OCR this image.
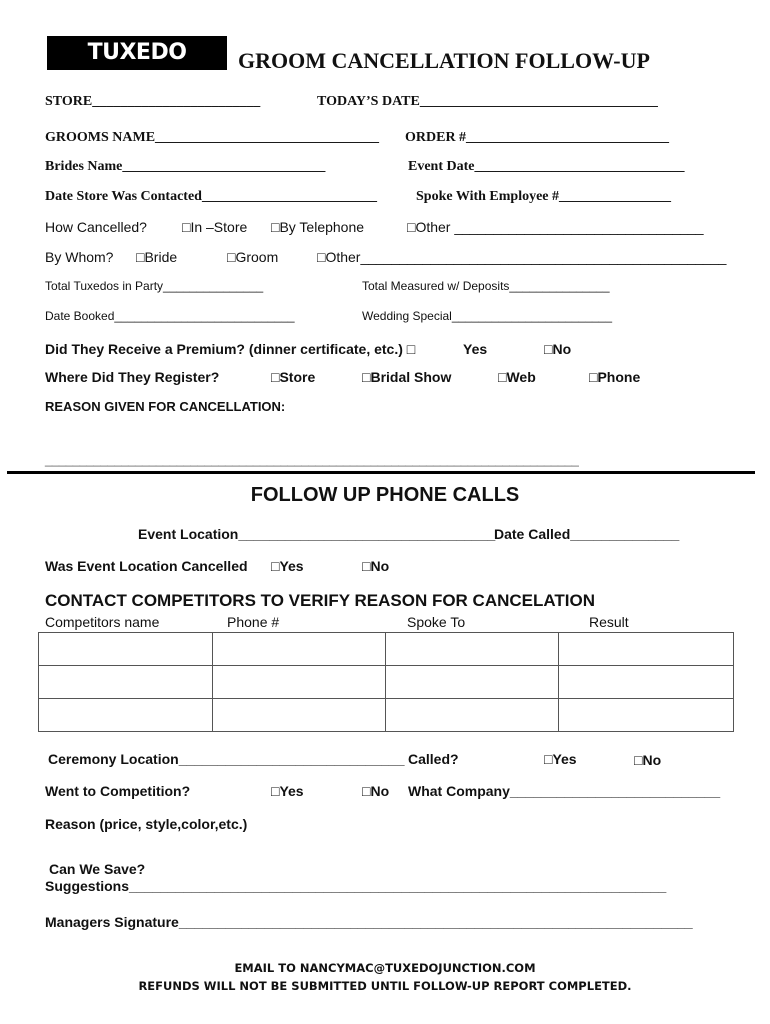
TUXEDO JUNCTION
GROOM CANCELLATION FOLLOW-UP
STORE________________________	TODAY’S DATE__________________________________
GROOMS NAME________________________________ ORDER #_____________________________
Brides Name_____________________________	Event Date______________________________
Date Store Was Contacted_________________________	Spoke With Employee #________________
How Cancelled?	□In –Store □By Telephone	□Other ________________________________
By Whom? □Bride	□Groom	□Other_______________________________________________
Total Tuxedos in Party_______________	Total Measured w/ Deposits_______________
Date Booked___________________________	Wedding Special________________________
Did They Receive a Premium? (dinner certificate, etc.) □	Yes	□No
Where Did They Register?	□Store	□Bridal Show	□Web	□Phone
REASON GIVEN FOR CANCELLATION:
_____________________________________________________________________________
FOLLOW UP PHONE CALLS
Event Location_________________________________
Date Called______________
Was Event Location Cancelled □Yes	□No
CONTACT COMPETITORS TO VERIFY REASON FOR CANCELATION
Competitors name	Phone #	Spoke To	Result

Ceremony Location_____________________________ Called?	□Yes	□No
Went to Competition?	□Yes	□No What Company___________________________
Reason (price, style,color,etc.)
Can We Save?
Suggestions_____________________________________________________________________
Managers Signature__________________________________________________________________
EMAIL TO NANCYMAC@TUXEDOJUNCTION.COM
REFUNDS WILL NOT BE SUBMITTED UNTIL FOLLOW-UP REPORT COMPLETED.
